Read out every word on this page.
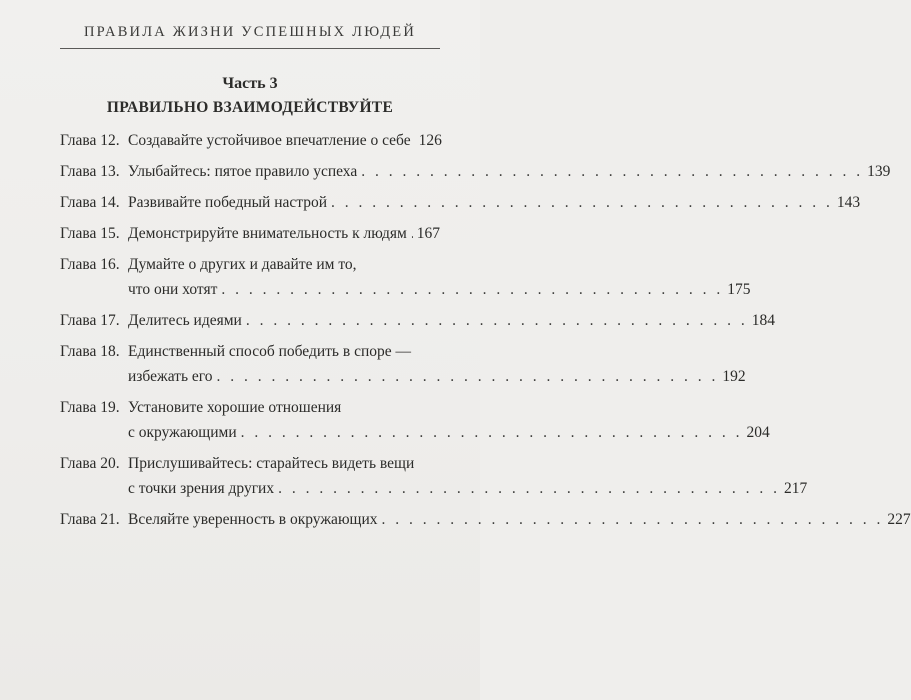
ПРАВИЛА ЖИЗНИ УСПЕШНЫХ ЛЮДЕЙ
Часть 3
ПРАВИЛЬНО ВЗАИМОДЕЙСТВУЙТЕ
Глава 12. Создавайте устойчивое впечатление о себе 126
Глава 13. Улыбайтесь: пятое правило успеха . . . . . . . . . . . . . . . . . . . . . . . . . . . . . . . . . . . . . 139
Глава 14. Развивайте победный настрой . . . . . . . . . . . . . . . . . . . . . . . . . . . . . . . . . . . . . 143
Глава 15. Демонстрируйте внимательность к людям 167
Глава 16. Думайте о других и давайте им то,
что они хотят . . . . . . . . . . . . . . . . . . . . . . . . . . . . . . . . . . . . . 175
Глава 17. Делитесь идеями . . . . . . . . . . . . . . . . . . . . . . . . . . . . . . . . . . . . . 184
Глава 18. Единственный способ победить в споре —
избежать его . . . . . . . . . . . . . . . . . . . . . . . . . . . . . . . . . . . . . 192
Глава 19. Установите хорошие отношения
с окружающими . . . . . . . . . . . . . . . . . . . . . . . . . . . . . . . . . . . . . 204
Глава 20. Прислушивайтесь: старайтесь видеть вещи
с точки зрения других . . . . . . . . . . . . . . . . . . . . . . . . . . . . . . . . . . . . . 217
Глава 21. Вселяйте уверенность в окружающих . . . . . . . . . . . . . . . . . . . . . . . . . . . . . . . . . . . . . 227
